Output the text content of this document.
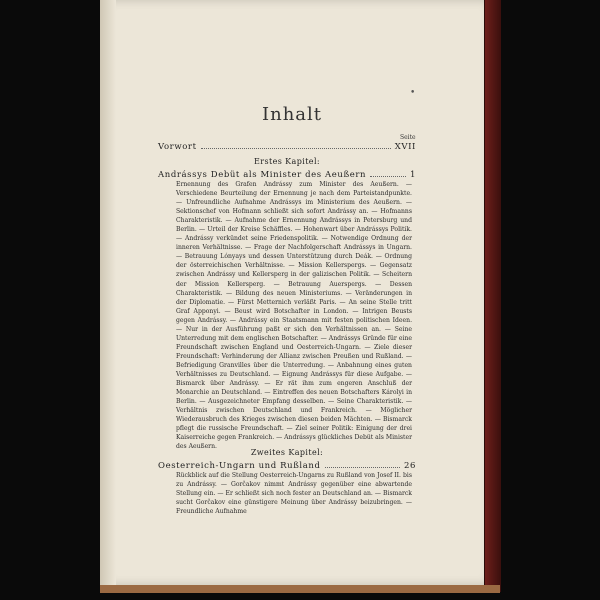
•
Inhalt
Seite
Vorwort	XVII
Erstes Kapitel:
Andrássys Debüt als Minister des Aeußern	1

Ernennung des Grafen Andrássy zum Minister des Aeußern. — Verschiedene Beurteilung der Ernennung je nach dem Parteistandpunkte. — Unfreundliche Aufnahme Andrássys im Ministerium des Aeußern. — Sektionschef von Hofmann schließt sich sofort Andrássy an. — Hofmanns Charakteristik. — Aufnahme der Ernennung Andrássys in Petersburg und Berlin. — Urteil der Kreise Schäffles. — Hohenwart über Andrássys Politik. — Andrássy verkündet seine Friedenspolitik. — Notwendige Ordnung der inneren Verhältnisse. — Frage der Nachfolgerschaft Andrássys in Ungarn. — Betrauung Lónyays und dessen Unterstützung durch Deák. — Ordnung der österreichischen Verhältnisse. — Mission Kellerspergs. — Gegensatz zwischen Andrássy und Kellersperg in der galizischen Politik. — Scheitern der Mission Kellersperg. — Betrauung Auerspergs. — Dessen Charakteristik. — Bildung des neuen Ministeriums. — Veränderungen in der Diplomatie. — Fürst Metternich verläßt Paris. — An seine Stelle tritt Graf Apponyi. — Beust wird Botschafter in London. — Intrigen Beusts gegen Andrássy. — Andrássy ein Staatsmann mit festen politischen Ideen. — Nur in der Ausführung paßt er sich den Verhältnissen an. — Seine Unterredung mit dem englischen Botschafter. — Andrássys Gründe für eine Freundschaft zwischen England und Oesterreich-Ungarn. — Ziele dieser Freundschaft: Verhinderung der Allianz zwischen Preußen und Rußland. — Befriedigung Granvilles über die Unterredung. — Anbahnung eines guten Verhältnisses zu Deutschland. — Eignung Andrássys für diese Aufgabe. — Bismarck über Andrássy. — Er rät ihm zum engeren Anschluß der Monarchie an Deutschland. — Eintreffen des neuen Botschafters Károlyi in Berlin. — Ausgezeichneter Empfang desselben. — Seine Charakteristik. — Verhältnis zwischen Deutschland und Frankreich. — Möglicher Wiederausbruch des Krieges zwischen diesen beiden Mächten. — Bismarck pflegt die russische Freundschaft. — Ziel seiner Politik: Einigung der drei Kaiserreiche gegen Frankreich. — Andrássys glückliches Debüt als Minister des Aeußern.

Zweites Kapitel:
Oesterreich-Ungarn und Rußland	26

Rückblick auf die Stellung Oesterreich-Ungarns zu Rußland von Josef II. bis zu Andrássy. — Gorčakov nimmt Andrássy gegenüber eine abwartende Stellung ein. — Er schließt sich noch fester an Deutschland an. — Bismarck sucht Gorčakov eine günstigere Meinung über Andrássy beizubringen. — Freundliche Aufnahme
